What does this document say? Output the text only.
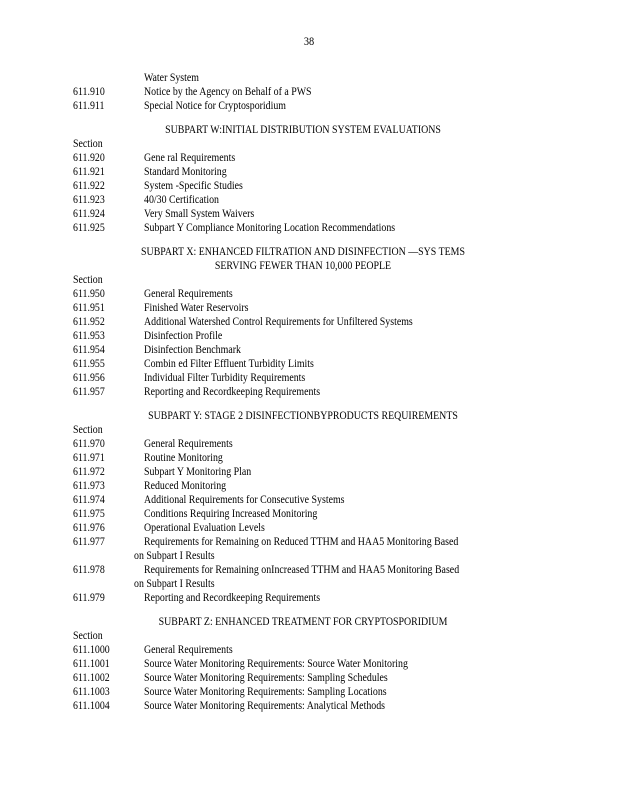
38
Water System
611.910	Notice by the Agency on Behalf of a PWS
611.911	Special Notice for Cryptosporidium
SUBPART W:INITIAL DISTRIBUTION SYSTEM EVALUATIONS
Section
611.920	Gene ral Requirements
611.921	Standard Monitoring
611.922	System -Specific Studies
611.923	40/30 Certification
611.924	Very Small System Waivers
611.925	Subpart Y Compliance Monitoring Location Recommendations
SUBPART X: ENHANCED FILTRATION AND DISINFECTION —SYS TEMS
SERVING FEWER THAN 10,000 PEOPLE
Section
611.950	General Requirements
611.951	Finished Water Reservoirs
611.952	Additional Watershed Control Requirements for Unfiltered Systems
611.953	Disinfection Profile
611.954	Disinfection Benchmark
611.955	Combin ed Filter Effluent Turbidity Limits
611.956	Individual Filter Turbidity Requirements
611.957	Reporting and Recordkeeping Requirements
SUBPART Y: STAGE 2 DISINFECTIONBYPRODUCTS REQUIREMENTS
Section
611.970	General Requirements
611.971	Routine Monitoring
611.972	Subpart Y Monitoring Plan
611.973	Reduced Monitoring
611.974	Additional Requirements for Consecutive Systems
611.975	Conditions Requiring Increased Monitoring
611.976	Operational Evaluation Levels
611.977	Requirements for Remaining on Reduced TTHM and HAA5 Monitoring Based
on Subpart I Results
611.978	Requirements for Remaining onIncreased TTHM and HAA5 Monitoring Based
on Subpart I Results
611.979	Reporting and Recordkeeping Requirements
SUBPART Z: ENHANCED TREATMENT FOR CRYPTOSPORIDIUM
Section
611.1000	General Requirements
611.1001	Source Water Monitoring Requirements: Source Water Monitoring
611.1002	Source Water Monitoring Requirements: Sampling Schedules
611.1003	Source Water Monitoring Requirements: Sampling Locations
611.1004	Source Water Monitoring Requirements: Analytical Methods
